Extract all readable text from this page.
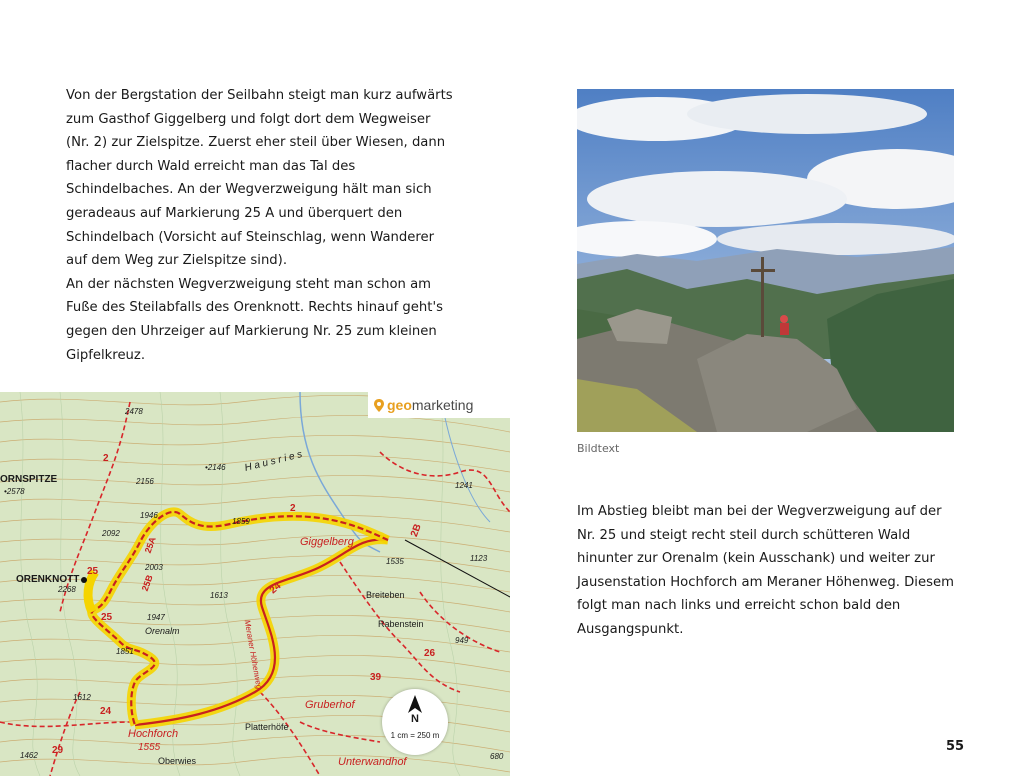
Von der Bergstation der Seilbahn steigt man kurz aufwärts zum Gasthof Giggelberg und folgt dort dem Wegweiser (Nr. 2) zur Zielspitze. Zuerst eher steil über Wiesen, dann flacher durch Wald erreicht man das Tal des Schindelbaches. An der Wegverzweigung hält man sich geradeaus auf Markierung 25 A und überquert den Schindelbach (Vorsicht auf Steinschlag, wenn Wanderer auf dem Weg zur Zielspitze sind).

An der nächsten Wegverzweigung steht man schon am Fuße des Steilabfalls des Orenknott. Rechts hinauf geht's gegen den Uhrzeiger auf Markierung Nr. 25 zum kleinen Gipfelkreuz.

Bildtext

Im Abstieg bleibt man bei der Wegverzweigung auf der Nr. 25 und steigt recht steil durch schütteren Wald hinunter zur Orenalm (kein Ausschank) und weiter zur Jausenstation Hochforch am Meraner Höhenweg. Diesem folgt man nach links und erreicht schon bald den Ausgangspunkt.

geo marketing
ORNSPITZE
•2578
ORENKNOTT
2268
Giggelberg
Orenalm
Hochforch
1555
Breiteben
Rabenstein
Gruberhof
Platterhöfe
Oberwies	Unterwandhof
H a u s r i e s
Meraner Höhenweg
2478
•2146
2156
1946
1859
2092
2003
1947
1851
1613
1612
1535
1241
1123
949
1462	680
2
2
25
25
25A
25B
24
24
26
29
39
2B
N
1 cm = 250 m
55
